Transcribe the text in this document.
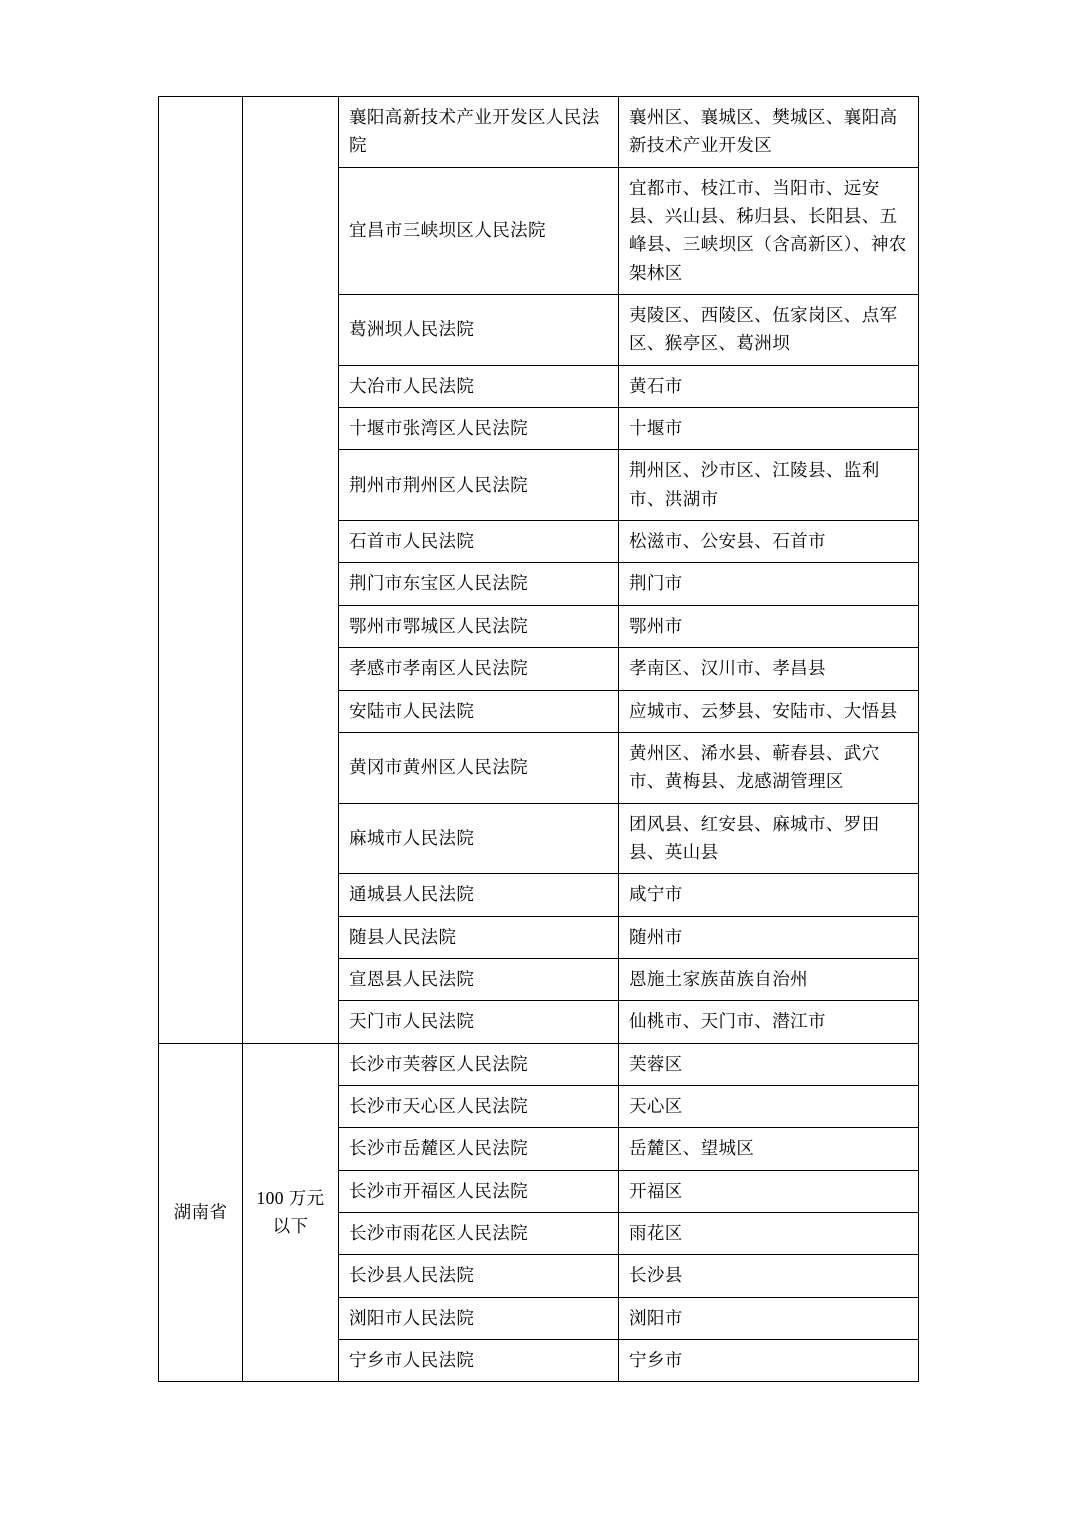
		襄阳高新技术产业开发区人民法院	襄州区、襄城区、樊城区、襄阳高新技术产业开发区
		宜昌市三峡坝区人民法院	宜都市、枝江市、当阳市、远安县、兴山县、秭归县、长阳县、五峰县、三峡坝区（含高新区）、神农架林区
		葛洲坝人民法院	夷陵区、西陵区、伍家岗区、点军区、猴亭区、葛洲坝
		大冶市人民法院	黄石市
		十堰市张湾区人民法院	十堰市
		荆州市荆州区人民法院	荆州区、沙市区、江陵县、监利市、洪湖市
		石首市人民法院	松滋市、公安县、石首市
		荆门市东宝区人民法院	荆门市
		鄂州市鄂城区人民法院	鄂州市
		孝感市孝南区人民法院	孝南区、汉川市、孝昌县
		安陆市人民法院	应城市、云梦县、安陆市、大悟县
		黄冈市黄州区人民法院	黄州区、浠水县、蕲春县、武穴市、黄梅县、龙感湖管理区
		麻城市人民法院	团风县、红安县、麻城市、罗田县、英山县
		通城县人民法院	咸宁市
		随县人民法院	随州市
		宣恩县人民法院	恩施土家族苗族自治州
		天门市人民法院	仙桃市、天门市、潜江市
湖南省	100 万元以下	长沙市芙蓉区人民法院	芙蓉区
		长沙市天心区人民法院	天心区
		长沙市岳麓区人民法院	岳麓区、望城区
		长沙市开福区人民法院	开福区
		长沙市雨花区人民法院	雨花区
		长沙县人民法院	长沙县
		浏阳市人民法院	浏阳市
		宁乡市人民法院	宁乡市
